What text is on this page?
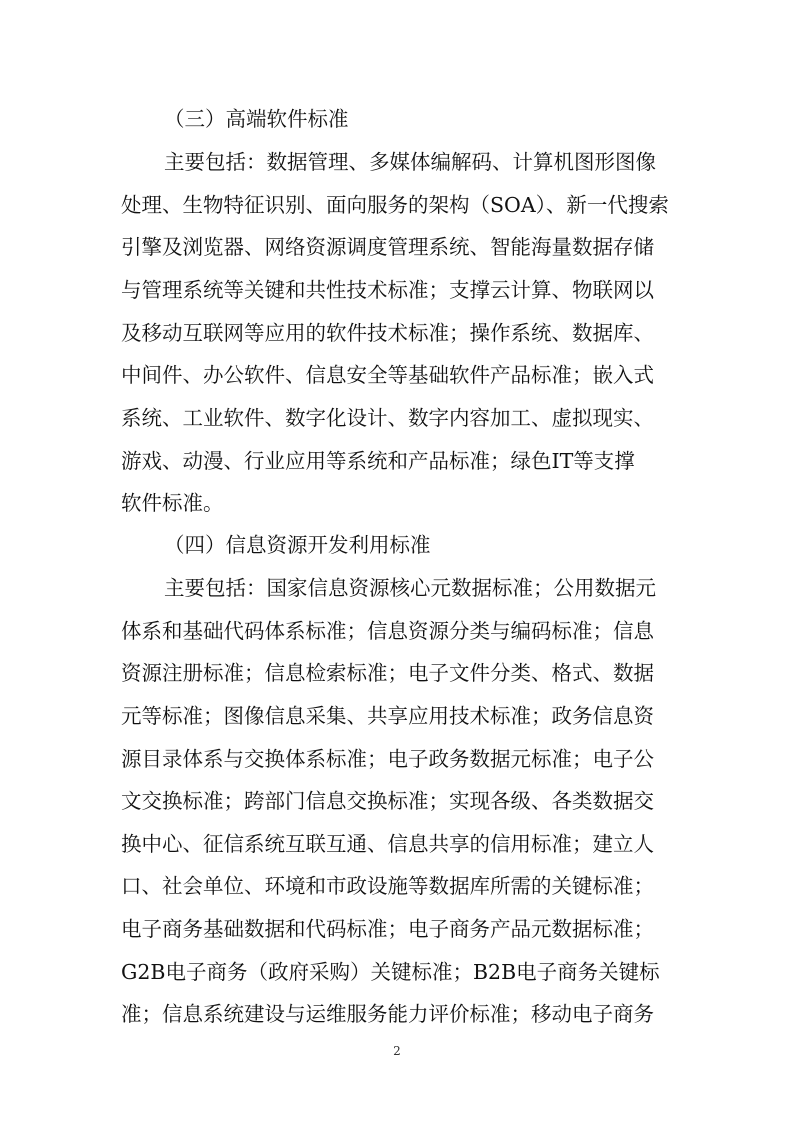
（三）高端软件标准
主要包括：数据管理、多媒体编解码、计算机图形图像
处理、生物特征识别、面向服务的架构（SOA）、新一代搜索
引擎及浏览器、网络资源调度管理系统、智能海量数据存储
与管理系统等关键和共性技术标准；支撑云计算、物联网以
及移动互联网等应用的软件技术标准；操作系统、数据库、
中间件、办公软件、信息安全等基础软件产品标准；嵌入式
系统、工业软件、数字化设计、数字内容加工、虚拟现实、
游戏、动漫、行业应用等系统和产品标准；绿色IT等支撑
软件标准。
（四）信息资源开发利用标准
主要包括：国家信息资源核心元数据标准；公用数据元
体系和基础代码体系标准；信息资源分类与编码标准；信息
资源注册标准；信息检索标准；电子文件分类、格式、数据
元等标准；图像信息采集、共享应用技术标准；政务信息资
源目录体系与交换体系标准；电子政务数据元标准；电子公
文交换标准；跨部门信息交换标准；实现各级、各类数据交
换中心、征信系统互联互通、信息共享的信用标准；建立人
口、社会单位、环境和市政设施等数据库所需的关键标准；
电子商务基础数据和代码标准；电子商务产品元数据标准；
G2B电子商务（政府采购）关键标准；B2B电子商务关键标
准；信息系统建设与运维服务能力评价标准；移动电子商务
2
